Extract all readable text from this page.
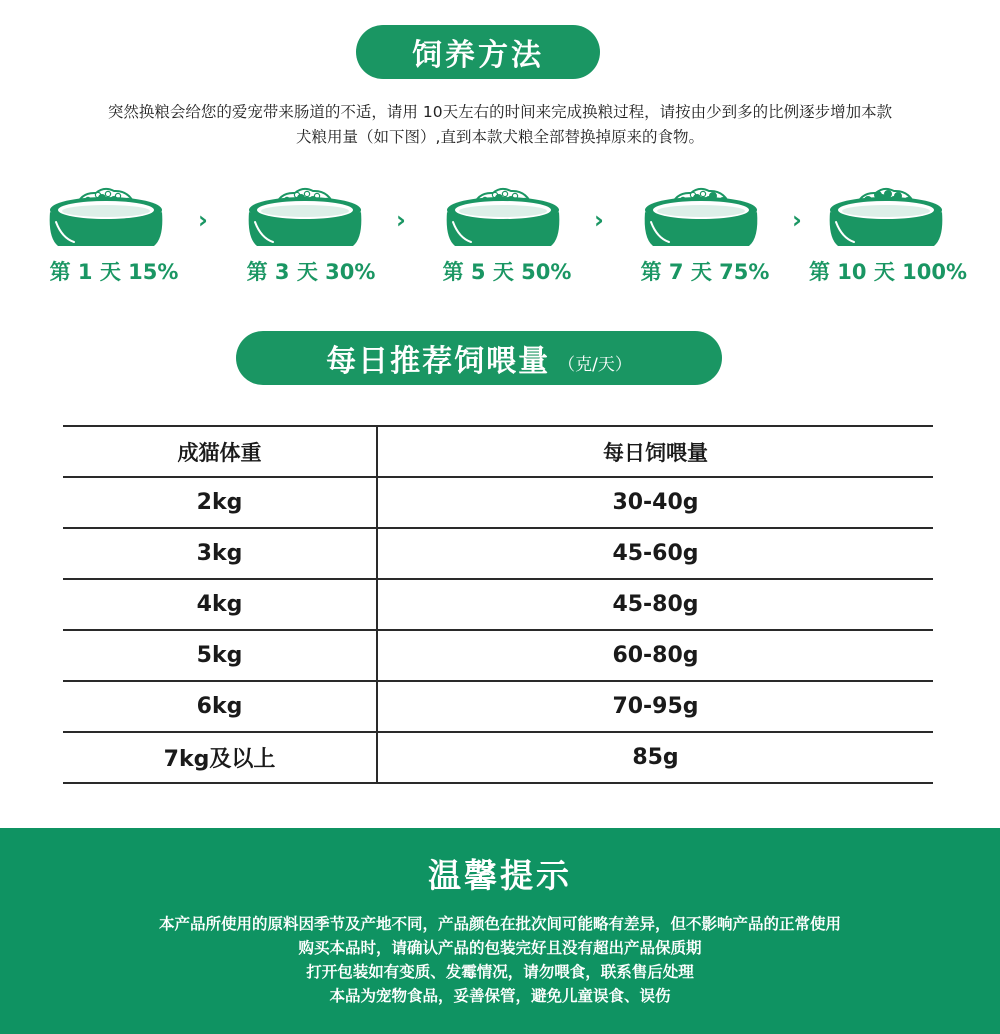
饲养方法
突然换粮会给您的爱宠带来肠道的不适，请用 10天左右的时间来完成换粮过程，请按由少到多的比例逐步增加本款
犬粮用量（如下图）,直到本款犬粮全部替换掉原来的食物。
›	›	›	›
第 1 天 15%	第 3 天 30%	第 5 天 50%	第 7 天 75%	第 10 天 100%
每日推荐饲喂量 （克/天）
成猫体重	每日饲喂量
2kg	30-40g
3kg	45-60g
4kg	45-80g
5kg	60-80g
6kg	70-95g
7kg及以上	85g
温馨提示
本产品所使用的原料因季节及产地不同，产品颜色在批次间可能略有差异，但不影响产品的正常使用
购买本品时，请确认产品的包装完好且没有超出产品保质期
打开包装如有变质、发霉情况，请勿喂食，联系售后处理
本品为宠物食品，妥善保管，避免儿童误食、误伤
